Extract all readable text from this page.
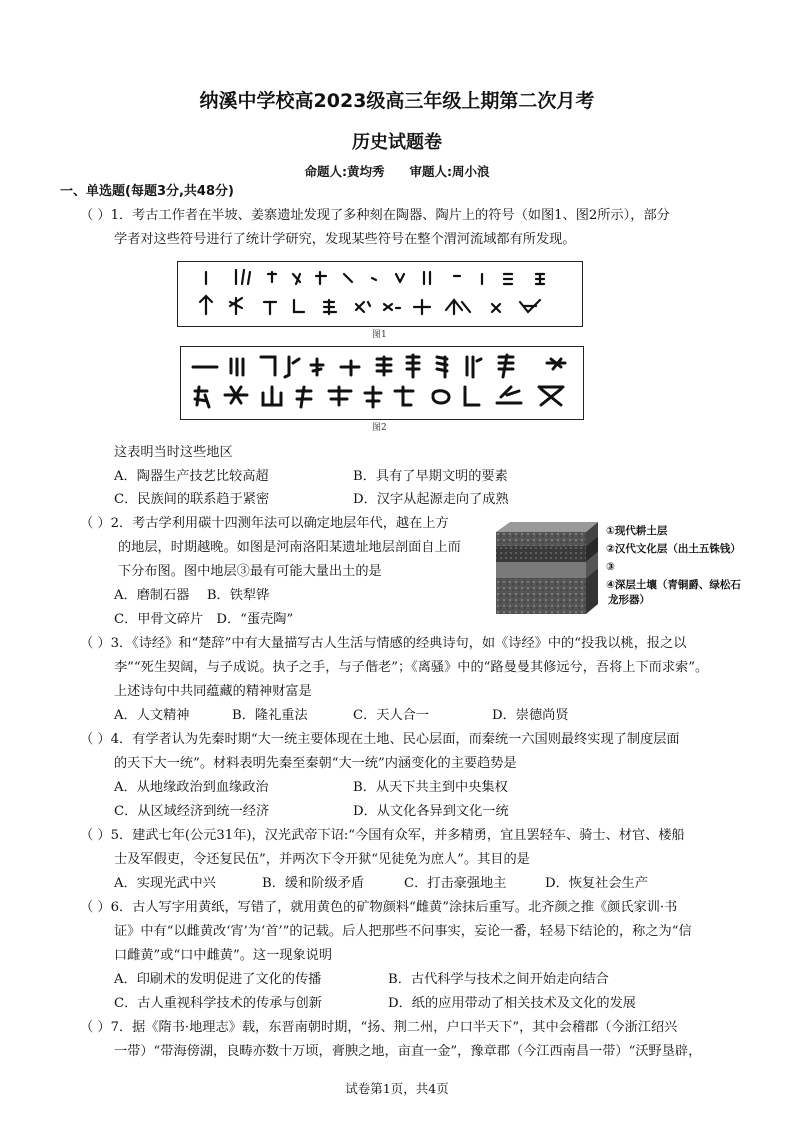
纳溪中学校高2023级高三年级上期第二次月考
历史试题卷
命题人:黄均秀　　审题人:周小浪
一、单选题(每题3分,共48分)
（ ）1．考古工作者在半坡、姜寨遗址发现了多种刻在陶器、陶片上的符号（如图1、图2所示），部分
学者对这些符号进行了统计学研究，发现某些符号在整个渭河流域都有所发现。
图1
图2
这表明当时这些地区
A．陶器生产技艺比较高超	B．具有了早期文明的要素
C．民族间的联系趋于紧密	D．汉字从起源走向了成熟
（ ）2．考古学利用碳十四测年法可以确定地层年代，越在上方
的地层，时期越晚。如图是河南洛阳某遗址地层剖面自上而
下分布图。图中地层③最有可能大量出土的是
A．磨制石器　 B．铁犁铧
C．甲骨文碎片　D．“蛋壳陶”
①现代耕土层
②汉代文化层（出土五铢钱）
③
④深层土壤（青铜爵、绿松石
龙形器）
（ ）3．《诗经》和“楚辞”中有大量描写古人生活与情感的经典诗句，如《诗经》中的“投我以桃，报之以
李”“死生契阔，与子成说。执子之手，与子偕老”；《离骚》中的“路曼曼其修远兮，吾将上下而求索”。
上述诗句中共同蕴藏的精神财富是
A．人文精神	B．隆礼重法	C．天人合一	D．崇德尚贤
（ ）4．有学者认为先秦时期“大一统主要体现在土地、民心层面，而秦统一六国则最终实现了制度层面
的天下大一统”。材料表明先秦至秦朝“大一统”内涵变化的主要趋势是
A．从地缘政治到血缘政治	B．从天下共主到中央集权
C．从区域经济到统一经济	D．从文化各异到文化一统
（ ）5．建武七年(公元31年)，汉光武帝下诏:“今国有众军，并多精勇，宜且罢轻车、骑士、材官、楼船
士及军假吏，令还复民伍”，并两次下令开狱“见徒免为庶人”。其目的是
A．实现光武中兴	B．缓和阶级矛盾	C．打击豪强地主	D．恢复社会生产
（ ）6．古人写字用黄纸，写错了，就用黄色的矿物颜料“雌黄”涂抹后重写。北齐颜之推《颜氏家训·书
证》中有“以雌黄改‘宵’为‘首’”的记载。后人把那些不问事实，妄论一番，轻易下结论的，称之为“信
口雌黄”或“口中雌黄”。这一现象说明
A．印刷术的发明促进了文化的传播	B．古代科学与技术之间开始走向结合
C．古人重视科学技术的传承与创新	D．纸的应用带动了相关技术及文化的发展
（ ）7．据《隋书·地理志》载，东晋南朝时期，“扬、荆二州，户口半天下”，其中会稽郡（今浙江绍兴
一带）“带海傍湖，良畴亦数十万顷，膏腴之地，亩直一金”，豫章郡（今江西南昌一带）“沃野垦辟，
试卷第1页，共4页
